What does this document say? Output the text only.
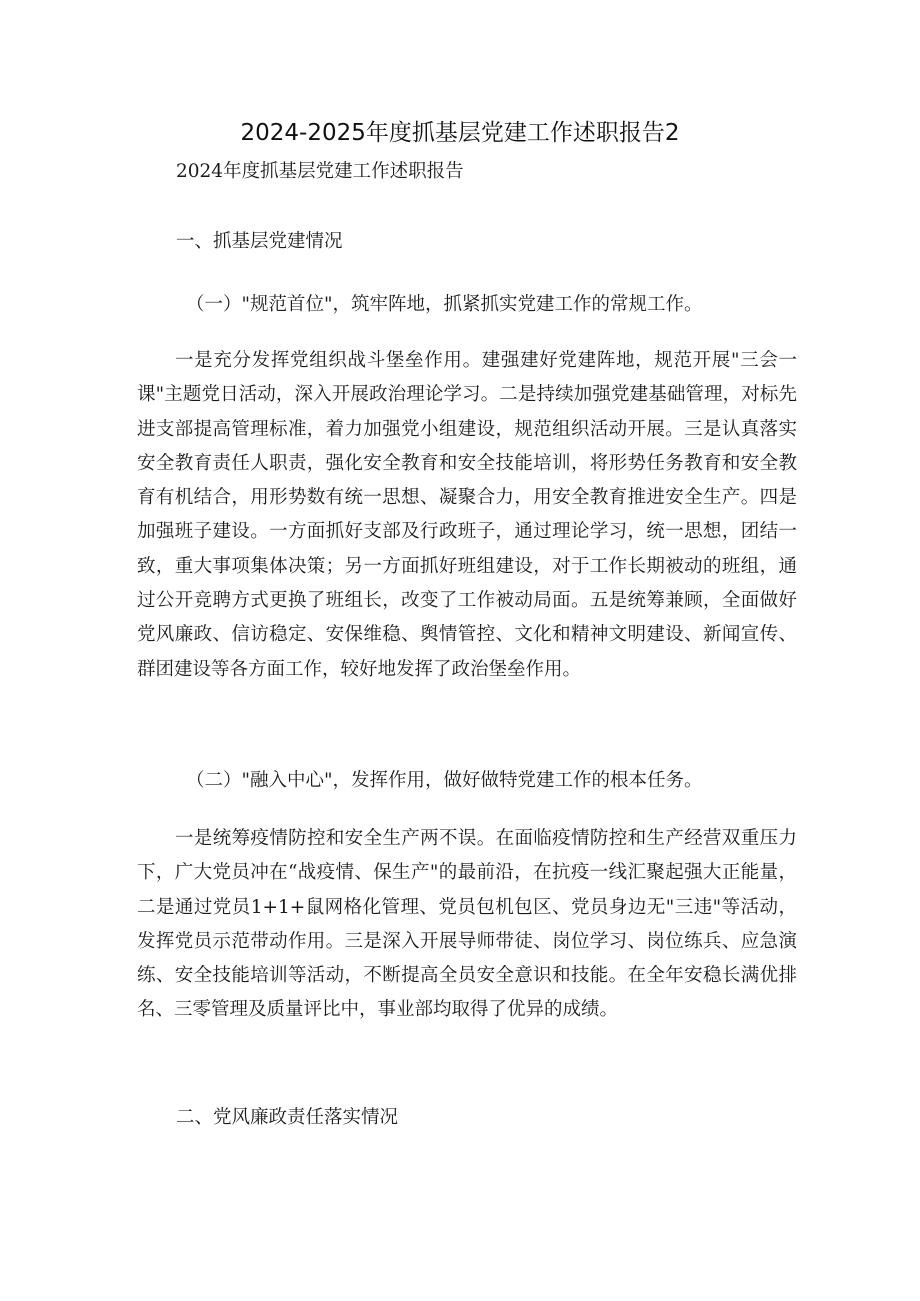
2024-2025年度抓基层党建工作述职报告2
2024年度抓基层党建工作述职报告
一、抓基层党建情况
（一）"规范首位"，筑牢阵地，抓紧抓实党建工作的常规工作。

一是充分发挥党组织战斗堡垒作用。建强建好党建阵地，规范开展"三会一课"主题党日活动，深入开展政治理论学习。二是持续加强党建基础管理，对标先进支部提高管理标准，着力加强党小组建设，规范组织活动开展。三是认真落实安全教育责任人职责，强化安全教育和安全技能培训，将形势任务教育和安全教育有机结合，用形势数有统一思想、凝聚合力，用安全教育推进安全生产。四是加强班子建设。一方面抓好支部及行政班子，通过理论学习，统一思想，团结一致，重大事项集体决策；另一方面抓好班组建设，对于工作长期被动的班组，通过公开竞聘方式更换了班组长，改变了工作被动局面。五是统筹兼顾，全面做好党风廉政、信访稳定、安保维稳、舆情管控、文化和精神文明建设、新闻宣传、群团建设等各方面工作，较好地发挥了政治堡垒作用。

（二）"融入中心"，发挥作用，做好做特党建工作的根本任务。

一是统筹疫情防控和安全生产两不误。在面临疫情防控和生产经营双重压力下，广大党员冲在“战疫情、保生产"的最前沿，在抗疫一线汇聚起强大正能量，二是通过党员1+1+鼠网格化管理、党员包机包区、党员身边无"三违"等活动，发挥党员示范带动作用。三是深入开展导师带徒、岗位学习、岗位练兵、应急演练、安全技能培训等活动，不断提高全员安全意识和技能。在全年安稳长满优排名、三零管理及质量评比中，事业部均取得了优异的成绩。

二、党风廉政责任落实情况
